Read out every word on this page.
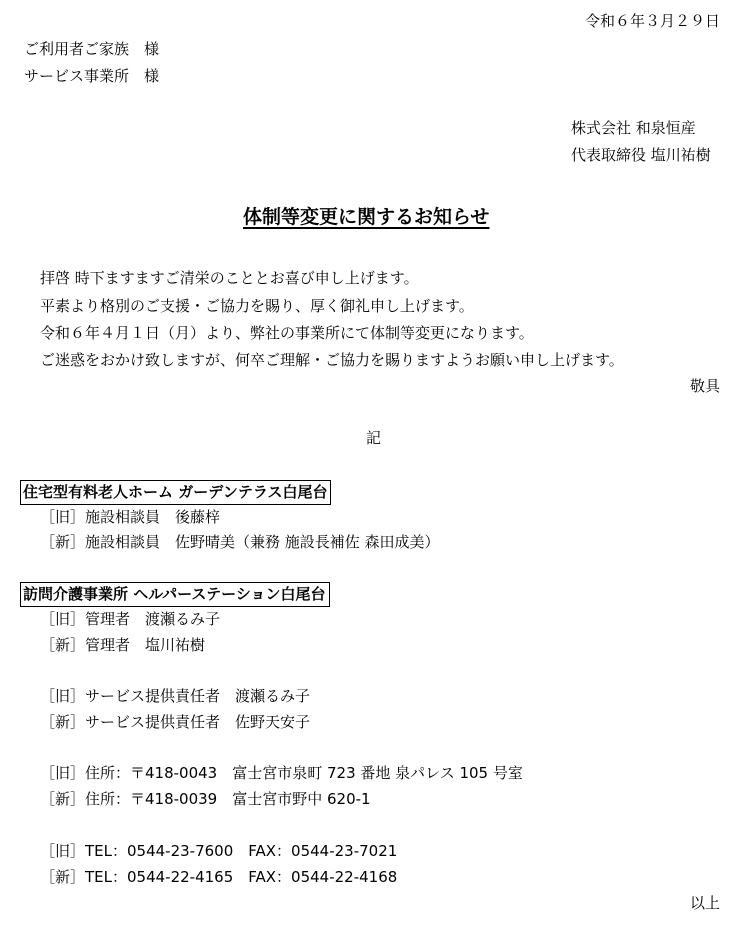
令和６年３月２９日
ご利用者ご家族　様
サービス事業所　様
株式会社 和泉恒産
代表取締役 塩川祐樹
体制等変更に関するお知らせ
拝啓 時下ますますご清栄のこととお喜び申し上げます。
平素より格別のご支援・ご協力を賜り、厚く御礼申し上げます。
令和６年４月１日（月）より、弊社の事業所にて体制等変更になります。
ご迷惑をおかけ致しますが、何卒ご理解・ご協力を賜りますようお願い申し上げます。
敬具
記
住宅型有料老人ホーム ガーデンテラス白尾台
［旧］施設相談員　後藤梓
［新］施設相談員　佐野晴美（兼務 施設長補佐 森田成美）
訪問介護事業所 ヘルパーステーション白尾台
［旧］管理者　渡瀬るみ子
［新］管理者　塩川祐樹
［旧］サービス提供責任者　渡瀬るみ子
［新］サービス提供責任者　佐野天安子
［旧］住所：〒418-0043　富士宮市泉町 723 番地 泉パレス 105 号室
［新］住所：〒418-0039　富士宮市野中 620-1
［旧］TEL：0544-23-7600　FAX：0544-23-7021
［新］TEL：0544-22-4165　FAX：0544-22-4168
以上
